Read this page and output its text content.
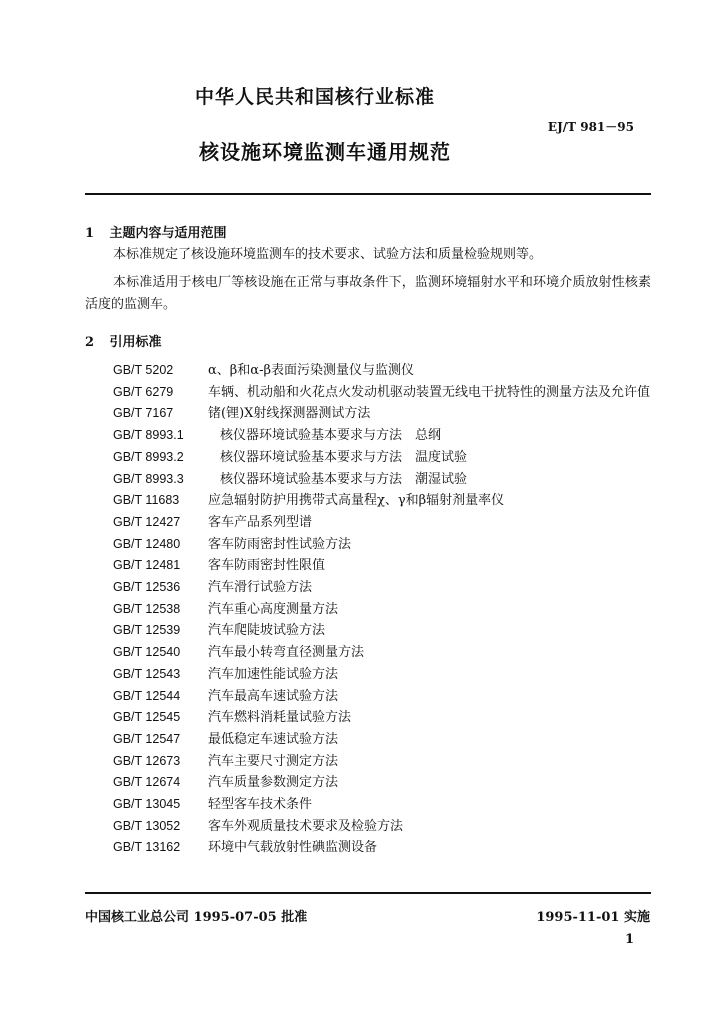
中华人民共和国核行业标准
EJ/T 981－95
核设施环境监测车通用规范
1 主题内容与适用范围
本标准规定了核设施环境监测车的技术要求、试验方法和质量检验规则等。
本标准适用于核电厂等核设施在正常与事故条件下，监测环境辐射水平和环境介质放射性核素活度的监测车。
2 引用标准
GB/T 5202	α、β和α-β表面污染测量仪与监测仪
GB/T 6279	车辆、机动船和火花点火发动机驱动装置无线电干扰特性的测量方法及允许值
GB/T 7167	锗(锂)X射线探测器测试方法
GB/T 8993.1	核仪器环境试验基本要求与方法　总纲
GB/T 8993.2	核仪器环境试验基本要求与方法　温度试验
GB/T 8993.3	核仪器环境试验基本要求与方法　潮湿试验
GB/T 11683	应急辐射防护用携带式高量程χ、γ和β辐射剂量率仪
GB/T 12427	客车产品系列型谱
GB/T 12480	客车防雨密封性试验方法
GB/T 12481	客车防雨密封性限值
GB/T 12536	汽车滑行试验方法
GB/T 12538	汽车重心高度测量方法
GB/T 12539	汽车爬陡坡试验方法
GB/T 12540	汽车最小转弯直径测量方法
GB/T 12543	汽车加速性能试验方法
GB/T 12544	汽车最高车速试验方法
GB/T 12545	汽车燃料消耗量试验方法
GB/T 12547	最低稳定车速试验方法
GB/T 12673	汽车主要尺寸测定方法
GB/T 12674	汽车质量参数测定方法
GB/T 13045	轻型客车技术条件
GB/T 13052	客车外观质量技术要求及检验方法
GB/T 13162	环境中气载放射性碘监测设备
中国核工业总公司 1995-07-05 批准	1995-11-01 实施
1
